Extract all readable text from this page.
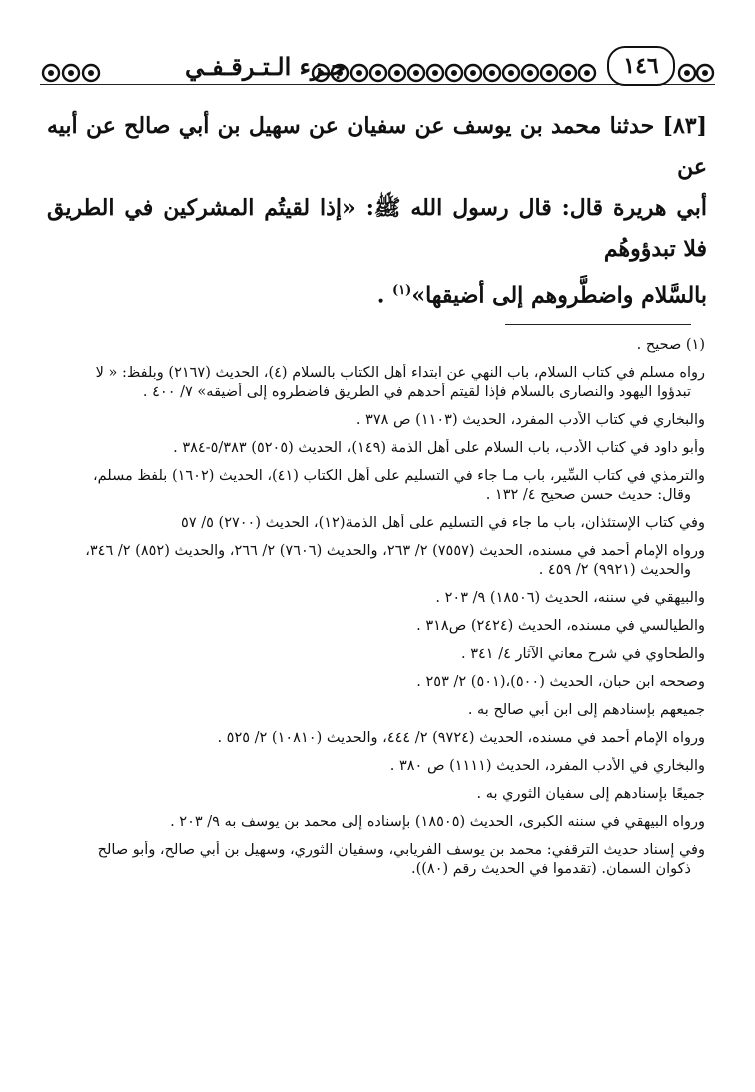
١٤٦
جـزء الـتـرقـفـي
[٨٣] حدثنا محمد بن يوسف عن سفيان عن سهيل بن أبي صالح عن أبيه عن
أبي هريرة قال: قال رسول الله ﷺ: «إذا لقيتُم المشركين في الطريق فلا تبدؤوهُم
بالسَّلام واضطَّروهم إلى أضيقها»$^{(١)}$ .
(١) صحيح .
رواه مسلم في كتاب السلام، باب النهي عن ابتداء أهل الكتاب بالسلام (٤)، الحديث (٢١٦٧) وبلفظ: « لا
تبدؤوا اليهود والنصارى بالسلام فإذا لقيتم أحدهم في الطريق فاضطروه إلى أضيقه» ٧/ ٤٠٠ .
والبخاري في كتاب الأدب المفرد، الحديث (١١٠٣) ص ٣٧٨ .
وأبو داود في كتاب الأدب، باب السلام على أهل الذمة (١٤٩)، الحديث (٥٢٠٥) ٥/٣٨٣-٣٨٤ .
والترمذي في كتاب السِّير، باب مـا جاء في التسليم على أهل الكتاب (٤١)، الحديث (١٦٠٢) بلفظ مسلم،
وقال: حديث حسن صحيح ٤/ ١٣٢ .
وفي كتاب الإستئذان، باب ما جاء في التسليم على أهل الذمة(١٢)، الحديث (٢٧٠٠) ٥/ ٥٧
ورواه الإمام أحمد في مسنده، الحديث (٧٥٥٧) ٢/ ٢٦٣، والحديث (٧٦٠٦) ٢/ ٢٦٦، والحديث (٨٥٢) ٢/ ٣٤٦،
والحديث (٩٩٢١) ٢/ ٤٥٩ .
والبيهقي في سننه، الحديث (١٨٥٠٦) ٩/ ٢٠٣ .
والطيالسي في مسنده، الحديث (٢٤٢٤) ص٣١٨ .
والطحاوي في شرح معاني الآثار ٤/ ٣٤١ .
وصححه ابن حبان، الحديث (٥٠٠)،(٥٠١) ٢/ ٢٥٣ .
جميعهم بإسنادهم إلى ابن أبي صالح به .
ورواه الإمام أحمد في مسنده، الحديث (٩٧٢٤) ٢/ ٤٤٤، والحديث (١٠٨١٠) ٢/ ٥٢٥ .
والبخاري في الأدب المفرد، الحديث (١١١١) ص ٣٨٠ .
جميعًا بإسنادهم إلى سفيان الثوري به .
ورواه البيهقي في سننه الكبرى، الحديث (١٨٥٠٥) بإسناده إلى محمد بن يوسف به ٩/ ٢٠٣ .
وفي إسناد حديث الترقفي: محمد بن يوسف الفريابي، وسفيان الثوري، وسهيل بن أبي صالح، وأبو صالح
ذكوان السمان. (تقدموا في الحديث رقم (٨٠)).
